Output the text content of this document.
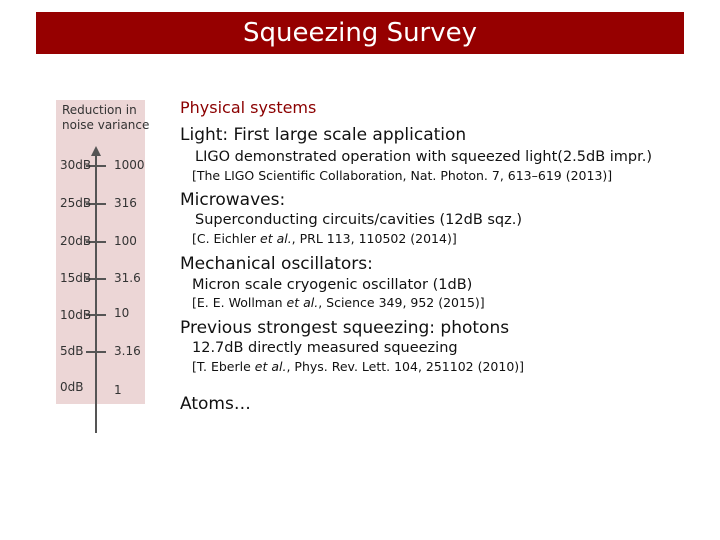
Squeezing Survey
Reduction in
noise variance
30dB 1000
25dB 316
20dB 100
15dB 31.6
10dB 10
5dB	3.16
0dB	1
Physical systems
Light: First large scale application
LIGO demonstrated operation with squeezed light(2.5dB impr.)
[The LIGO Scientific Collaboration, Nat. Photon. 7, 613–619 (2013)]
Microwaves:
Superconducting circuits/cavities (12dB sqz.)
[C. Eichler et al., PRL 113, 110502 (2014)]
Mechanical oscillators:
Micron scale cryogenic oscillator (1dB)
[E. E. Wollman et al., Science 349, 952 (2015)]
Previous strongest squeezing: photons
12.7dB directly measured squeezing
[T. Eberle et al., Phys. Rev. Lett. 104, 251102 (2010)]
Atoms…
